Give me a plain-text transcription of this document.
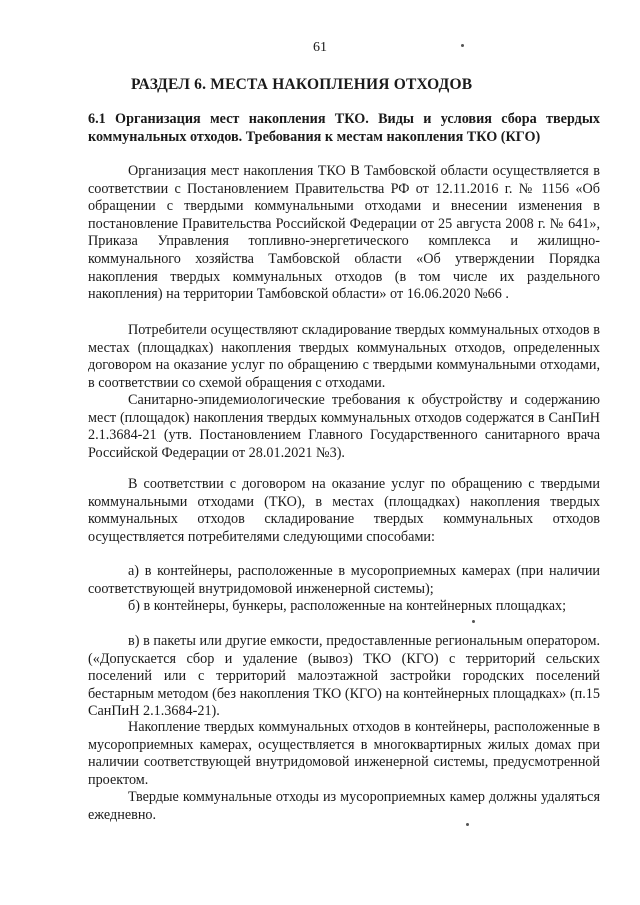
61
РАЗДЕЛ 6. МЕСТА НАКОПЛЕНИЯ ОТХОДОВ
6.1 Организация мест накопления ТКО. Виды и условия сбора твердых коммунальных отходов. Требования к местам накопления ТКО (КГО)
Организация мест накопления ТКО В Тамбовской области осуществляется в соответствии с Постановлением Правительства РФ от 12.11.2016 г. № 1156 «Об обращении с твердыми коммунальными отходами и внесении изменения в постановление Правительства Российской Федерации от 25 августа 2008 г. № 641», Приказа Управления топливно-энергетического комплекса и жилищно-коммунального хозяйства Тамбовской области «Об утверждении Порядка накопления твердых коммунальных отходов (в том числе их раздельного накопления) на территории Тамбовской области» от 16.06.2020 №66 .
Потребители осуществляют складирование твердых коммунальных отходов в местах (площадках) накопления твердых коммунальных отходов, определенных договором на оказание услуг по обращению с твердыми коммунальными отходами, в соответствии со схемой обращения с отходами.
Санитарно-эпидемиологические требования к обустройству и содержанию мест (площадок) накопления твердых коммунальных отходов содержатся в СанПиН 2.1.3684-21 (утв. Постановлением Главного Государственного санитарного врача Российской Федерации от 28.01.2021 №3).
В соответствии с договором на оказание услуг по обращению с твердыми коммунальными отходами (ТКО), в местах (площадках) накопления твердых коммунальных отходов складирование твердых коммунальных отходов осуществляется потребителями следующими способами:
а) в контейнеры, расположенные в мусороприемных камерах (при наличии соответствующей внутридомовой инженерной системы);
б) в контейнеры, бункеры, расположенные на контейнерных площадках;
в) в пакеты или другие емкости, предоставленные региональным оператором. («Допускается сбор и удаление (вывоз) ТКО (КГО) с территорий сельских поселений или с территорий малоэтажной застройки городских поселений бестарным методом (без накопления ТКО (КГО) на контейнерных площадках» (п.15 СанПиН 2.1.3684-21).
Накопление твердых коммунальных отходов в контейнеры, расположенные в мусороприемных камерах, осуществляется в многоквартирных жилых домах при наличии соответствующей внутридомовой инженерной системы, предусмотренной проектом.
Твердые коммунальные отходы из мусороприемных камер должны удаляться ежедневно.
